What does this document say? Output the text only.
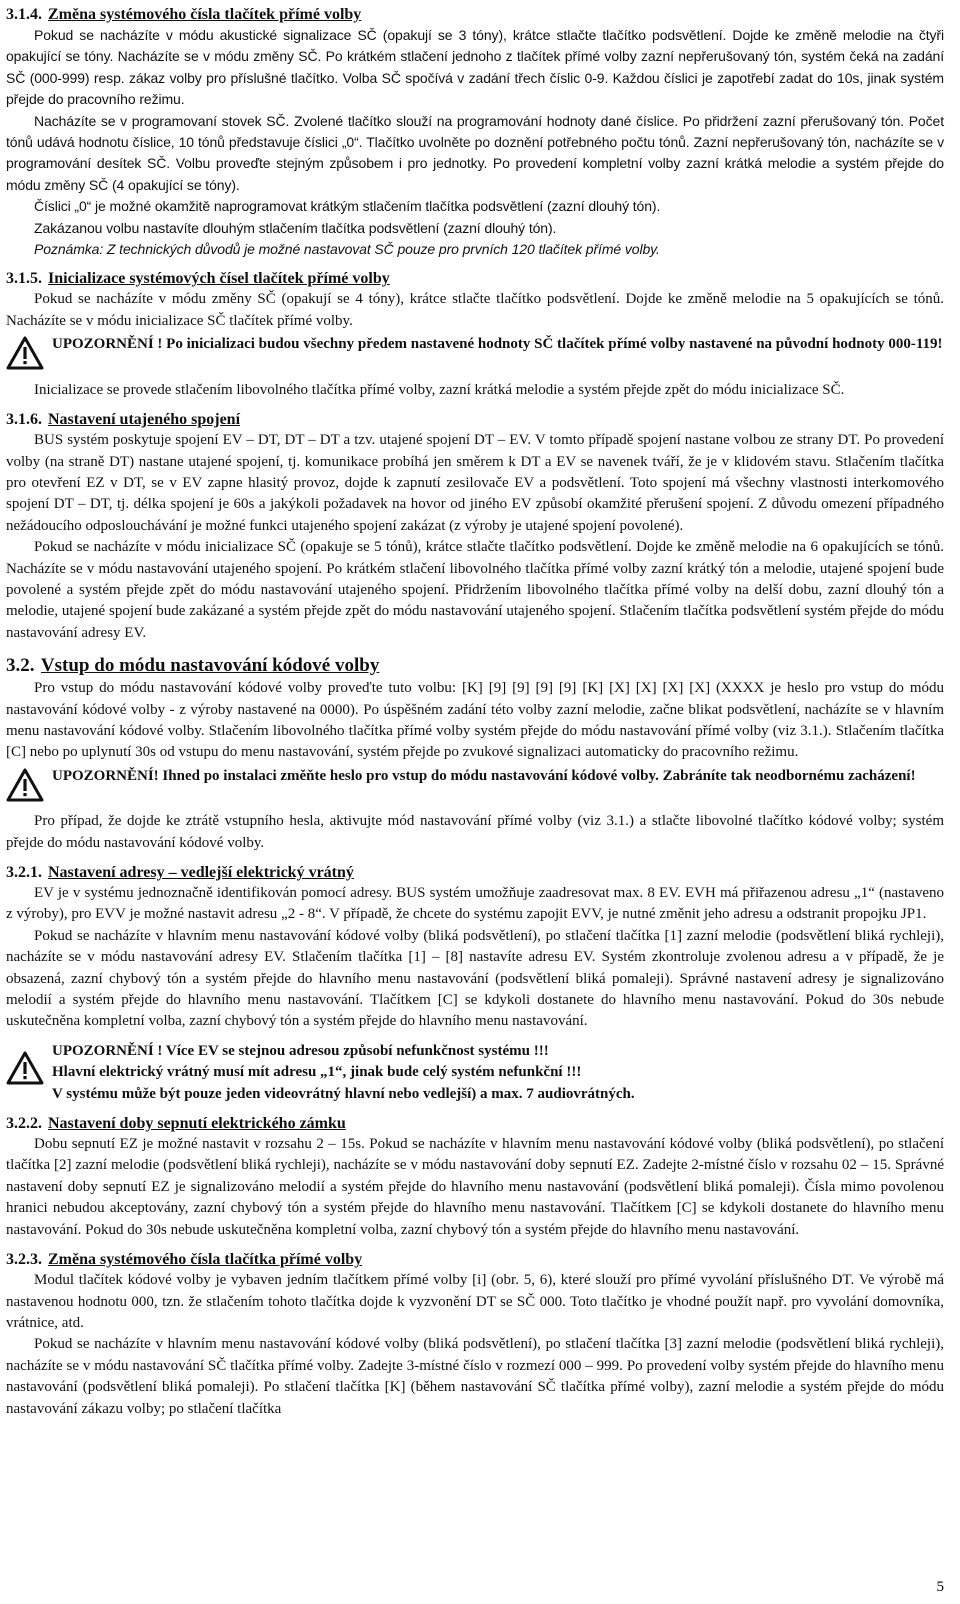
3.1.4. Změna systémového čísla tlačítek přímé volby

Pokud se nacházíte v módu akustické signalizace SČ (opakují se 3 tóny), krátce stlačte tlačítko podsvětlení. Dojde ke změně melodie na čtyři opakující se tóny. Nacházíte se v módu změny SČ. Po krátkém stlačení jednoho z tlačítek přímé volby zazní nepřerušovaný tón, systém čeká na zadání SČ (000-999) resp. zákaz volby pro příslušné tlačítko. Volba SČ spočívá v zadání třech číslic 0-9. Každou číslici je zapotřebí zadat do 10s, jinak systém přejde do pracovního režimu.

Nacházíte se v programovaní stovek SČ. Zvolené tlačítko slouží na programování hodnoty dané číslice. Po přidržení zazní přerušovaný tón. Počet tónů udává hodnotu číslice, 10 tónů představuje číslici „0“. Tlačítko uvolněte po doznění potřebného počtu tónů. Zazní nepřerušovaný tón, nacházíte se v programování desítek SČ. Volbu proveďte stejným způsobem i pro jednotky. Po provedení kompletní volby zazní krátká melodie a systém přejde do módu změny SČ (4 opakující se tóny).

Číslici „0“ je možné okamžitě naprogramovat krátkým stlačením tlačítka podsvětlení (zazní dlouhý tón).

Zakázanou volbu nastavíte dlouhým stlačením tlačítka podsvětlení (zazní dlouhý tón).

Poznámka: Z technických důvodů je možné nastavovat SČ pouze pro prvních 120 tlačítek přímé volby.

3.1.5. Inicializace systémových čísel tlačítek přímé volby

Pokud se nacházíte v módu změny SČ (opakují se 4 tóny), krátce stlačte tlačítko podsvětlení. Dojde ke změně melodie na 5 opakujících se tónů. Nacházíte se v módu inicializace SČ tlačítek přímé volby.

UPOZORNĚNÍ ! Po inicializaci budou všechny předem nastavené hodnoty SČ tlačítek přímé volby nastavené na původní hodnoty 000-119!

Inicializace se provede stlačením libovolného tlačítka přímé volby, zazní krátká melodie a systém přejde zpět do módu inicializace SČ.

3.1.6. Nastavení utajeného spojení

BUS systém poskytuje spojení EV – DT, DT – DT a tzv. utajené spojení DT – EV. V tomto případě spojení nastane volbou ze strany DT. Po provedení volby (na straně DT) nastane utajené spojení, tj. komunikace probíhá jen směrem k DT a EV se navenek tváří, že je v klidovém stavu. Stlačením tlačítka pro otevření EZ v DT, se v EV zapne hlasitý provoz, dojde k zapnutí zesilovače EV a podsvětlení. Toto spojení má všechny vlastnosti interkomového spojení DT – DT, tj. délka spojení je 60s a jakýkoli požadavek na hovor od jiného EV způsobí okamžité přerušení spojení. Z důvodu omezení případného nežádoucího odposlouchávání je možné funkci utajeného spojení zakázat (z výroby je utajené spojení povolené).

Pokud se nacházíte v módu inicializace SČ (opakuje se 5 tónů), krátce stlačte tlačítko podsvětlení. Dojde ke změně melodie na 6 opakujících se tónů. Nacházíte se v módu nastavování utajeného spojení. Po krátkém stlačení libovolného tlačítka přímé volby zazní krátký tón a melodie, utajené spojení bude povolené a systém přejde zpět do módu nastavování utajeného spojení. Přidržením libovolného tlačítka přímé volby na delší dobu, zazní dlouhý tón a melodie, utajené spojení bude zakázané a systém přejde zpět do módu nastavování utajeného spojení. Stlačením tlačítka podsvětlení systém přejde do módu nastavování adresy EV.

3.2. Vstup do módu nastavování kódové volby

Pro vstup do módu nastavování kódové volby proveďte tuto volbu: [K] [9] [9] [9] [9] [K] [X] [X] [X] [X] (XXXX je heslo pro vstup do módu nastavování kódové volby - z výroby nastavené na 0000). Po úspěšném zadání této volby zazní melodie, začne blikat podsvětlení, nacházíte se v hlavním menu nastavování kódové volby. Stlačením libovolného tlačítka přímé volby systém přejde do módu nastavování přímé volby (viz 3.1.). Stlačením tlačítka [C] nebo po uplynutí 30s od vstupu do menu nastavování, systém přejde po zvukové signalizaci automaticky do pracovního režimu.

UPOZORNĚNÍ! Ihned po instalaci změňte heslo pro vstup do módu nastavování kódové volby. Zabráníte tak neodbornému zacházení!

Pro případ, že dojde ke ztrátě vstupního hesla, aktivujte mód nastavování přímé volby (viz 3.1.) a stlačte libovolné tlačítko kódové volby; systém přejde do módu nastavování kódové volby.

3.2.1. Nastavení adresy – vedlejší elektrický vrátný

EV je v systému jednoznačně identifikován pomocí adresy. BUS systém umožňuje zaadresovat max. 8 EV. EVH má přiřazenou adresu „1“ (nastaveno z výroby), pro EVV je možné nastavit adresu „2 - 8“. V případě, že chcete do systému zapojit EVV, je nutné změnit jeho adresu a odstranit propojku JP1.

Pokud se nacházíte v hlavním menu nastavování kódové volby (bliká podsvětlení), po stlačení tlačítka [1] zazní melodie (podsvětlení bliká rychleji), nacházíte se v módu nastavování adresy EV. Stlačením tlačítka [1] – [8] nastavíte adresu EV. Systém zkontroluje zvolenou adresu a v případě, že je obsazená, zazní chybový tón a systém přejde do hlavního menu nastavování (podsvětlení bliká pomaleji). Správné nastavení adresy je signalizováno melodií a systém přejde do hlavního menu nastavování. Tlačítkem [C] se kdykoli dostanete do hlavního menu nastavování. Pokud do 30s nebude uskutečněna kompletní volba, zazní chybový tón a systém přejde do hlavního menu nastavování.

UPOZORNĚNÍ ! Více EV se stejnou adresou způsobí nefunkčnost systému !!!
Hlavní elektrický vrátný musí mít adresu „1“, jinak bude celý systém nefunkční !!!
V systému může být pouze jeden videovrátný hlavní nebo vedlejší) a max. 7 audiovrátných.
3.2.2. Nastavení doby sepnutí elektrického zámku

Dobu sepnutí EZ je možné nastavit v rozsahu 2 – 15s. Pokud se nacházíte v hlavním menu nastavování kódové volby (bliká podsvětlení), po stlačení tlačítka [2] zazní melodie (podsvětlení bliká rychleji), nacházíte se v módu nastavování doby sepnutí EZ. Zadejte 2-místné číslo v rozsahu 02 – 15. Správné nastavení doby sepnutí EZ je signalizováno melodií a systém přejde do hlavního menu nastavování (podsvětlení bliká pomaleji). Čísla mimo povolenou hranici nebudou akceptovány, zazní chybový tón a systém přejde do hlavního menu nastavování. Tlačítkem [C] se kdykoli dostanete do hlavního menu nastavování. Pokud do 30s nebude uskutečněna kompletní volba, zazní chybový tón a systém přejde do hlavního menu nastavování.

3.2.3. Změna systémového čísla tlačítka přímé volby

Modul tlačítek kódové volby je vybaven jedním tlačítkem přímé volby [i] (obr. 5, 6), které slouží pro přímé vyvolání příslušného DT. Ve výrobě má nastavenou hodnotu 000, tzn. že stlačením tohoto tlačítka dojde k vyzvonění DT se SČ 000. Toto tlačítko je vhodné použít např. pro vyvolání domovníka, vrátnice, atd.

Pokud se nacházíte v hlavním menu nastavování kódové volby (bliká podsvětlení), po stlačení tlačítka [3] zazní melodie (podsvětlení bliká rychleji), nacházíte se v módu nastavování SČ tlačítka přímé volby. Zadejte 3-místné číslo v rozmezí 000 – 999. Po provedení volby systém přejde do hlavního menu nastavování (podsvětlení bliká pomaleji). Po stlačení tlačítka [K] (během nastavování SČ tlačítka přímé volby), zazní melodie a systém přejde do módu nastavování zákazu volby; po stlačení tlačítka

5
